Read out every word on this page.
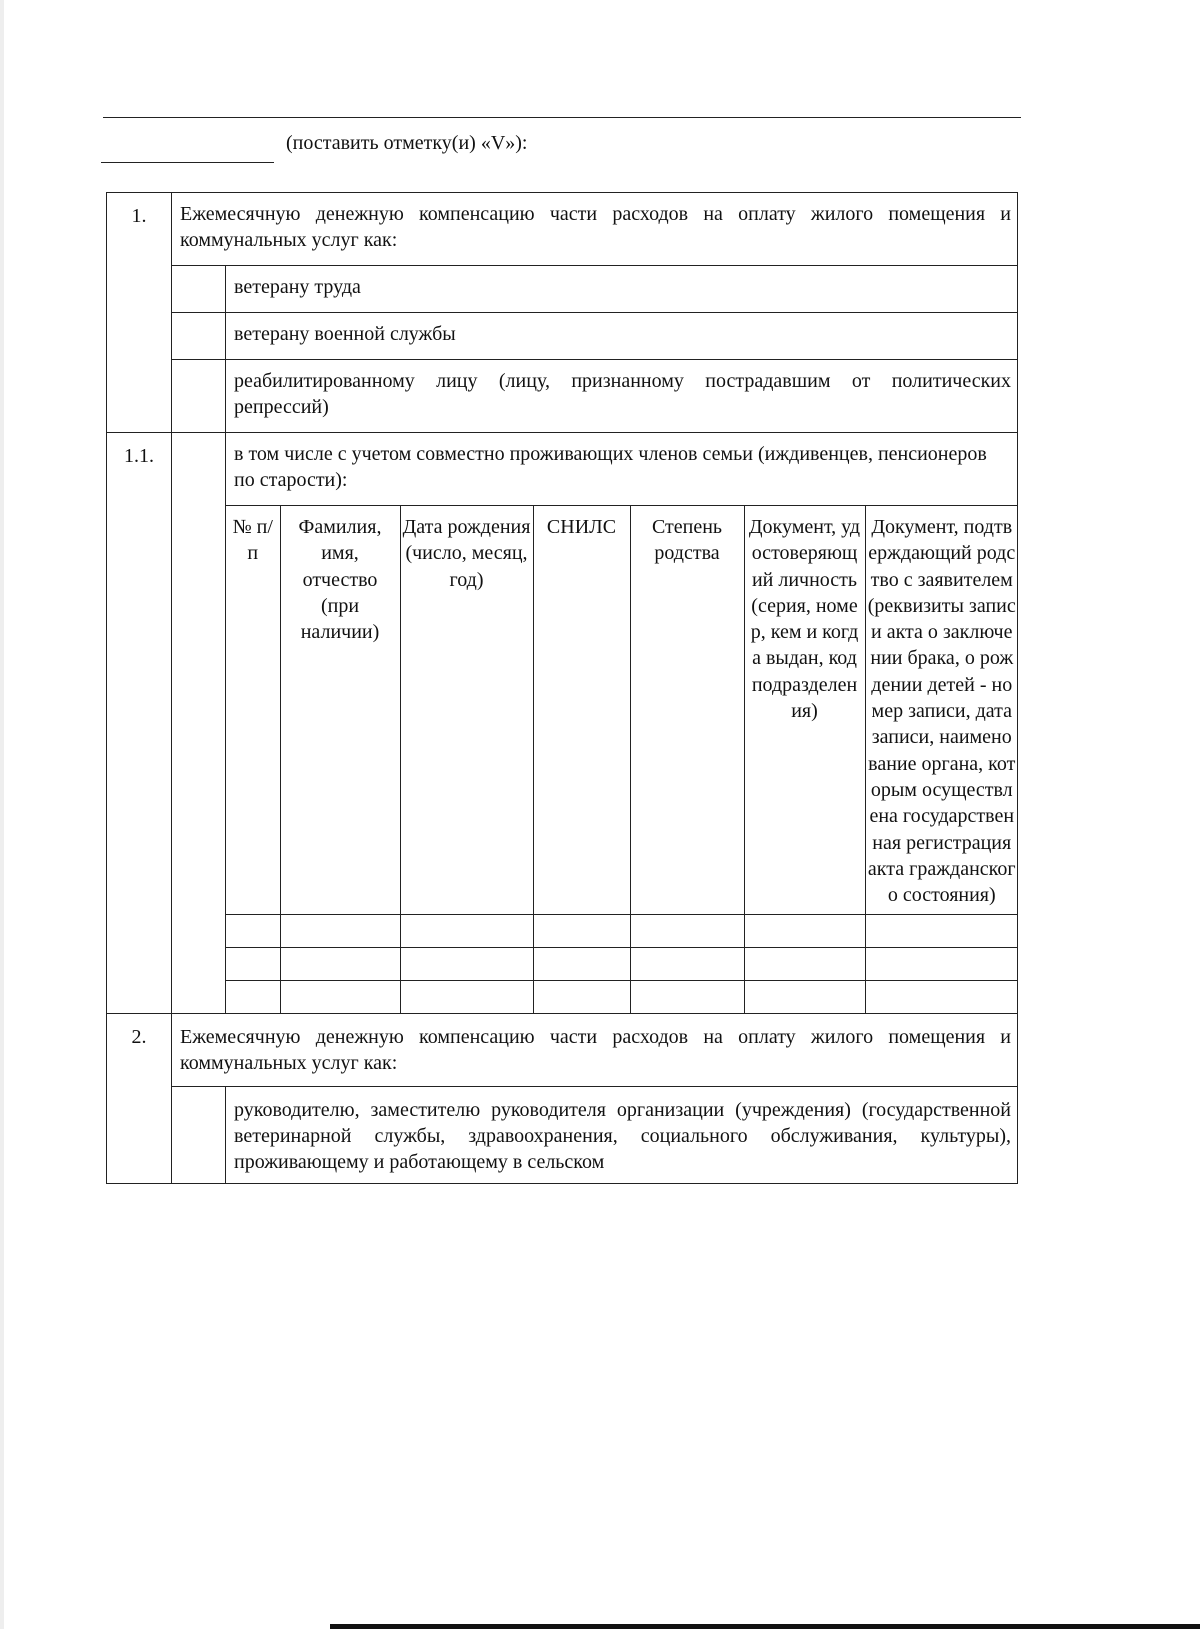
(поставить отметку(и) «V»):
1.	Ежемесячную денежную компенсацию части расходов на оплату жилого помещения и коммунальных услуг как:
	ветерану труда
	ветерану военной службы
	реабилитированному лицу (лицу, признанному пострадавшим от политических репрессий)
1.1.		в том числе с учетом совместно проживающих членов семьи (иждивенцев, пенсионеров по старости):

№ п/п	Фамилия, имя, отчество (при наличии)	Дата рождения (число, месяц, год)	СНИЛС	Степень родства	Документ, удостоверяющий личность (серия, номер, кем и когда выдан, код подразделения)	Документ, подтверждающий родство с заявителем (реквизиты записи акта о заключении брака, о рождении детей - номер записи, дата записи, наименование органа, которым осуществлена государственная регистрация акта гражданского состояния)

2.	Ежемесячную денежную компенсацию части расходов на оплату жилого помещения и коммунальных услуг как:
	руководителю, заместителю руководителя организации (учреждения) (государственной ветеринарной службы, здравоохранения, социального обслуживания, культуры), проживающему и работающему в сельском
